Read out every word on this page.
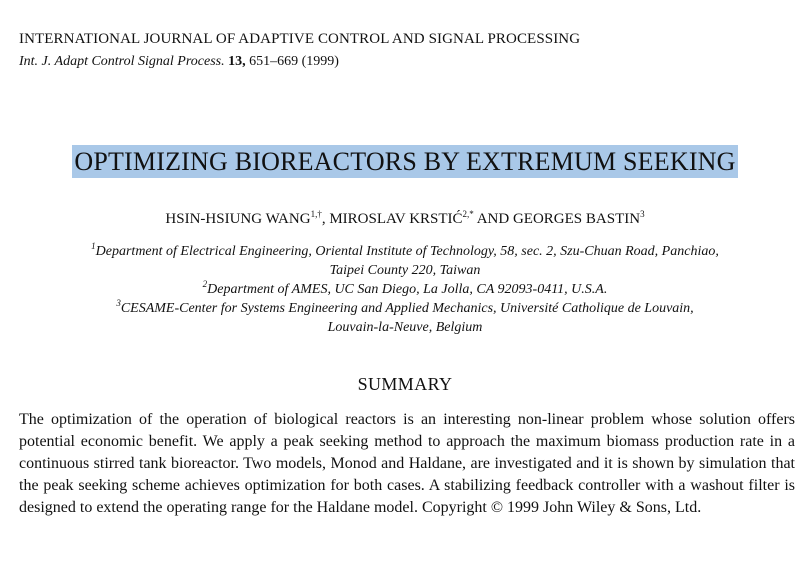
INTERNATIONAL JOURNAL OF ADAPTIVE CONTROL AND SIGNAL PROCESSING
Int. J. Adapt Control Signal Process. 13, 651–669 (1999)
OPTIMIZING BIOREACTORS BY EXTREMUM SEEKING
HSIN-HSIUNG $WANG^{1,\dagger}$, MIROSLAV $KRSTIĆ^{2,*}$ AND GEORGES BASTIN$^3$

$^1$Department of Electrical Engineering, Oriental Institute of Technology, 58, sec. 2, Szu-Chuan Road, Panchiao,
Taipei County 220, Taiwan

$^2$Department of AMES, UC San Diego, La Jolla, CA 92093-0411, U.S.A.

$^3$CESAME-Center for Systems Engineering and Applied Mechanics, Université Catholique de Louvain,
Louvain-la-Neuve, Belgium

SUMMARY
The optimization of the operation of biological reactors is an interesting non-linear problem whose solution offers potential economic benefit. We apply a peak seeking method to approach the maximum biomass production rate in a continuous stirred tank bioreactor. Two models, Monod and Haldane, are investigated and it is shown by simulation that the peak seeking scheme achieves optimization for both cases. A stabilizing feedback controller with a washout filter is designed to extend the operating range for the Haldane model. Copyright © 1999 John Wiley & Sons, Ltd.
